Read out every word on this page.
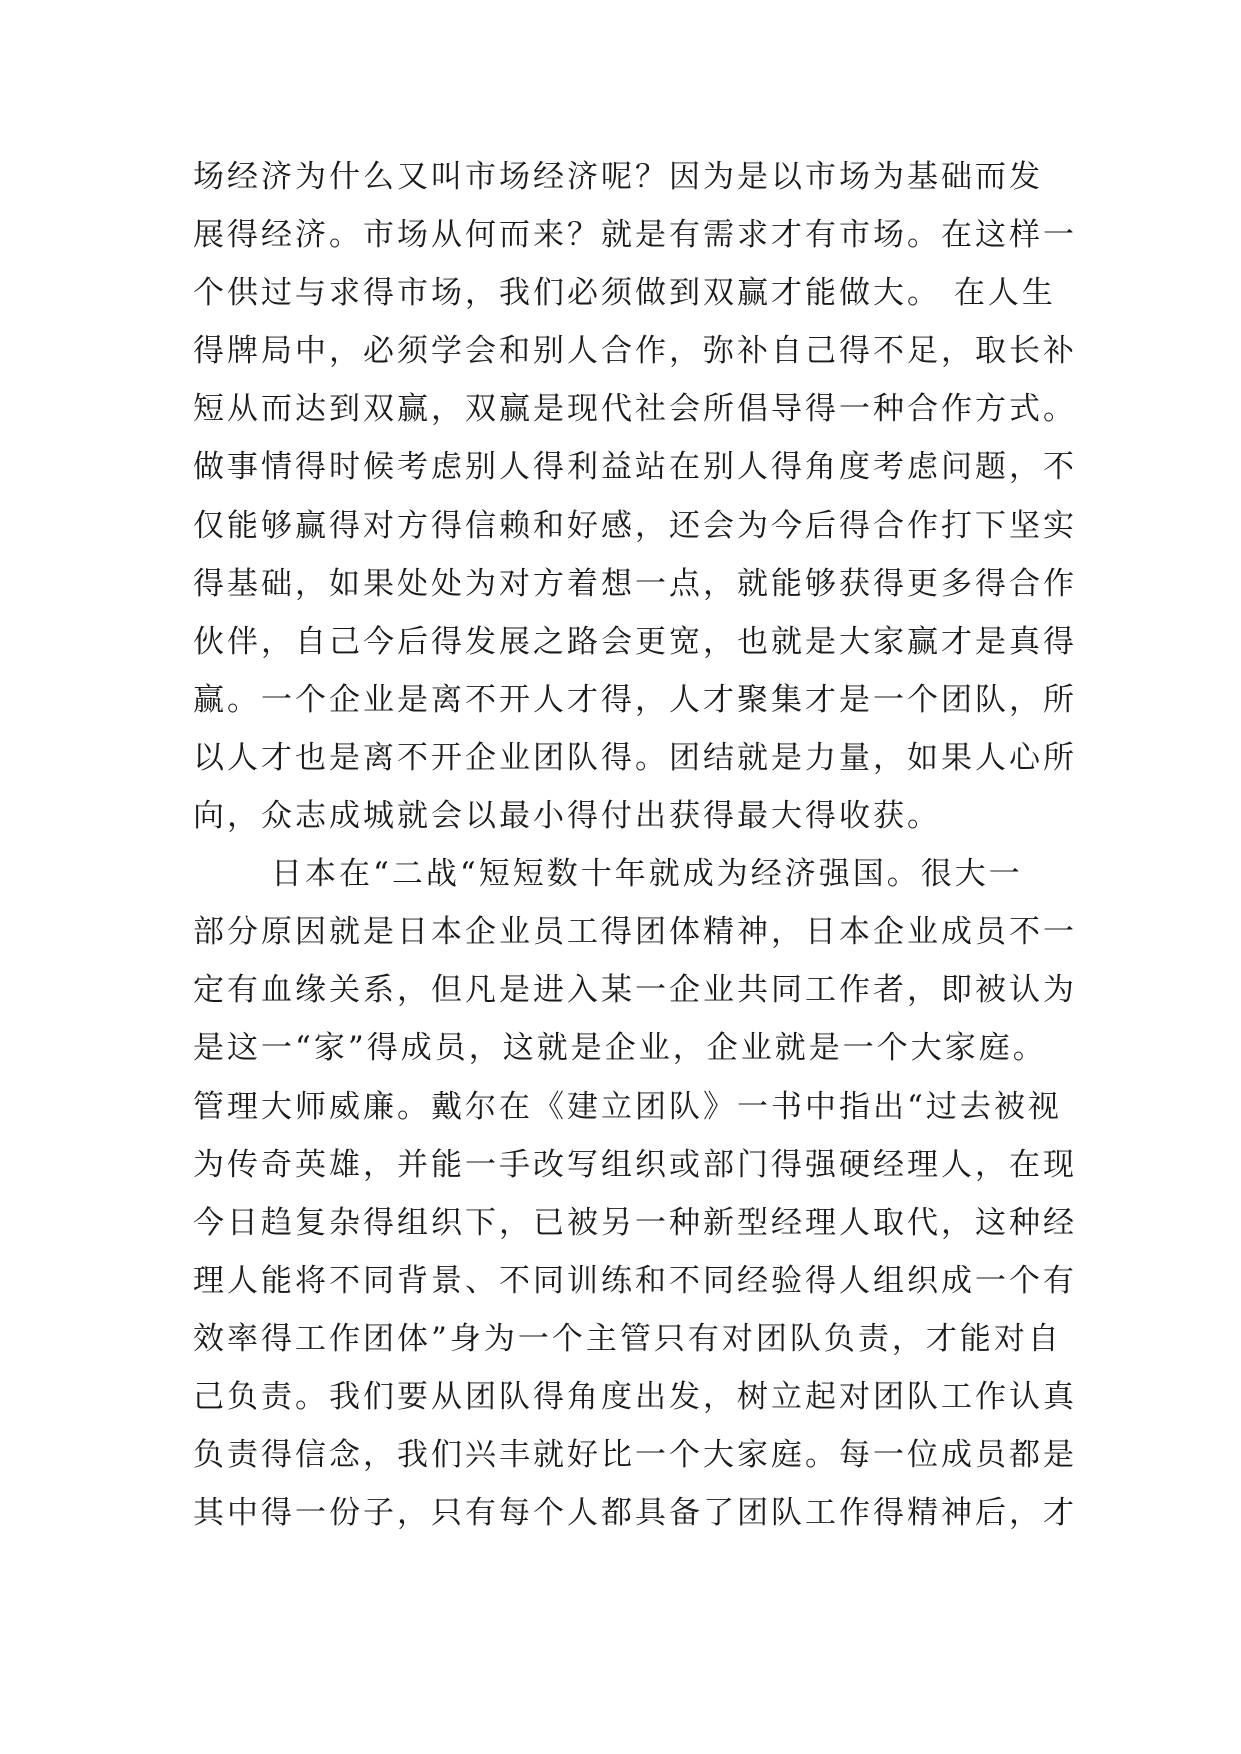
场经济为什么又叫市场经济呢？因为是以市场为基础而发
展得经济。市场从何而来？就是有需求才有市场。在这样一
个供过与求得市场，我们必须做到双赢才能做大。 在人生
得牌局中，必须学会和别人合作，弥补自己得不足，取长补
短从而达到双赢，双赢是现代社会所倡导得一种合作方式。
做事情得时候考虑别人得利益站在别人得角度考虑问题，不
仅能够赢得对方得信赖和好感，还会为今后得合作打下坚实
得基础，如果处处为对方着想一点，就能够获得更多得合作
伙伴，自己今后得发展之路会更宽，也就是大家赢才是真得
赢。一个企业是离不开人才得，人才聚集才是一个团队，所
以人才也是离不开企业团队得。团结就是力量，如果人心所
向，众志成城就会以最小得付出获得最大得收获。
日本在“二战“短短数十年就成为经济强国。很大一
部分原因就是日本企业员工得团体精神，日本企业成员不一
定有血缘关系，但凡是进入某一企业共同工作者，即被认为
是这一“家”得成员，这就是企业，企业就是一个大家庭。
管理大师威廉。戴尔在《建立团队》一书中指出“过去被视
为传奇英雄，并能一手改写组织或部门得强硬经理人，在现
今日趋复杂得组织下，已被另一种新型经理人取代，这种经
理人能将不同背景、不同训练和不同经验得人组织成一个有
效率得工作团体”身为一个主管只有对团队负责，才能对自
己负责。我们要从团队得角度出发，树立起对团队工作认真
负责得信念，我们兴丰就好比一个大家庭。每一位成员都是
其中得一份子，只有每个人都具备了团队工作得精神后，才
